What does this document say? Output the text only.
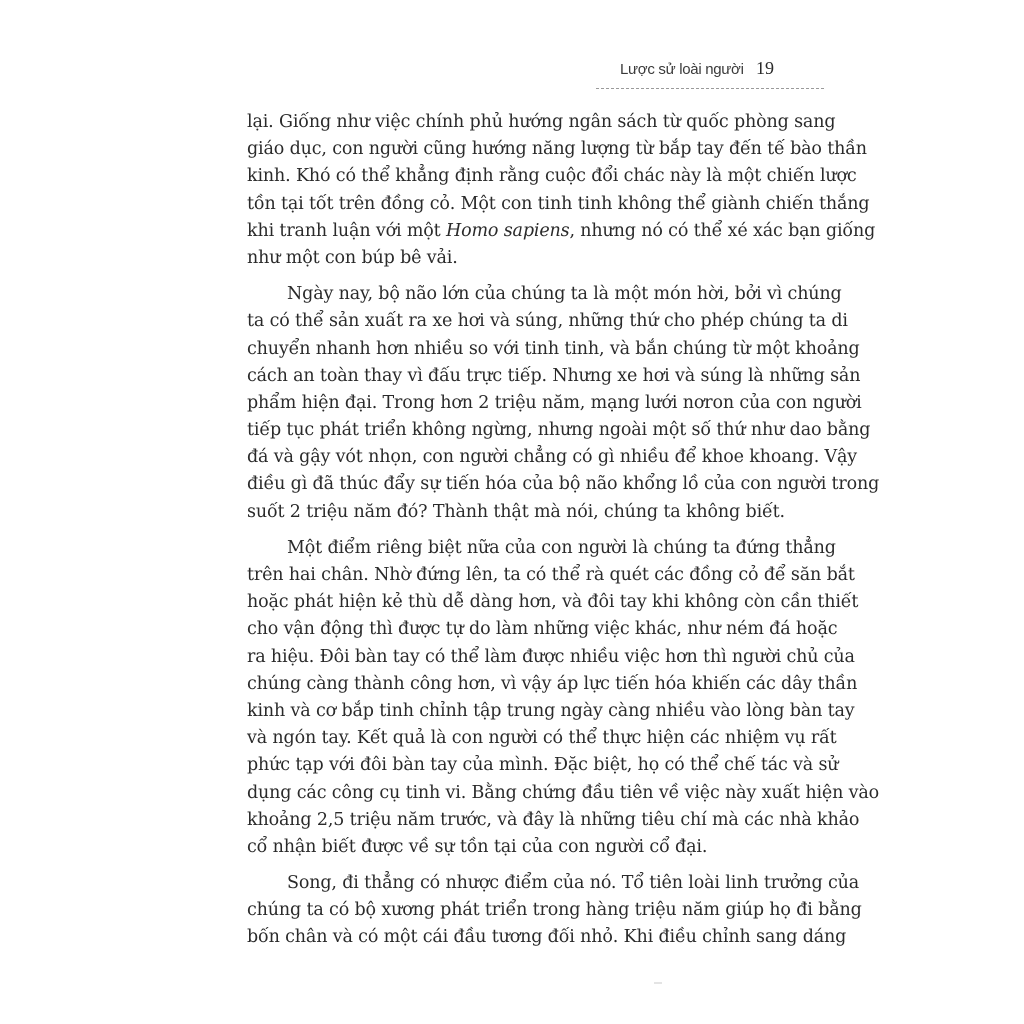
Lược sử loài người 19
lại. Giống như việc chính phủ hướng ngân sách từ quốc phòng sang
giáo dục, con người cũng hướng năng lượng từ bắp tay đến tế bào thần
kinh. Khó có thể khẳng định rằng cuộc đổi chác này là một chiến lược
tồn tại tốt trên đồng cỏ. Một con tinh tinh không thể giành chiến thắng
khi tranh luận với một Homo sapiens, nhưng nó có thể xé xác bạn giống
như một con búp bê vải.
Ngày nay, bộ não lớn của chúng ta là một món hời, bởi vì chúng
ta có thể sản xuất ra xe hơi và súng, những thứ cho phép chúng ta di
chuyển nhanh hơn nhiều so với tinh tinh, và bắn chúng từ một khoảng
cách an toàn thay vì đấu trực tiếp. Nhưng xe hơi và súng là những sản
phẩm hiện đại. Trong hơn 2 triệu năm, mạng lưới nơron của con người
tiếp tục phát triển không ngừng, nhưng ngoài một số thứ như dao bằng
đá và gậy vót nhọn, con người chẳng có gì nhiều để khoe khoang. Vậy
điều gì đã thúc đẩy sự tiến hóa của bộ não khổng lồ của con người trong
suốt 2 triệu năm đó? Thành thật mà nói, chúng ta không biết.
Một điểm riêng biệt nữa của con người là chúng ta đứng thẳng
trên hai chân. Nhờ đứng lên, ta có thể rà quét các đồng cỏ để săn bắt
hoặc phát hiện kẻ thù dễ dàng hơn, và đôi tay khi không còn cần thiết
cho vận động thì được tự do làm những việc khác, như ném đá hoặc
ra hiệu. Đôi bàn tay có thể làm được nhiều việc hơn thì người chủ của
chúng càng thành công hơn, vì vậy áp lực tiến hóa khiến các dây thần
kinh và cơ bắp tinh chỉnh tập trung ngày càng nhiều vào lòng bàn tay
và ngón tay. Kết quả là con người có thể thực hiện các nhiệm vụ rất
phức tạp với đôi bàn tay của mình. Đặc biệt, họ có thể chế tác và sử
dụng các công cụ tinh vi. Bằng chứng đầu tiên về việc này xuất hiện vào
khoảng 2,5 triệu năm trước, và đây là những tiêu chí mà các nhà khảo
cổ nhận biết được về sự tồn tại của con người cổ đại.
Song, đi thẳng có nhược điểm của nó. Tổ tiên loài linh trưởng của
chúng ta có bộ xương phát triển trong hàng triệu năm giúp họ đi bằng
bốn chân và có một cái đầu tương đối nhỏ. Khi điều chỉnh sang dáng
